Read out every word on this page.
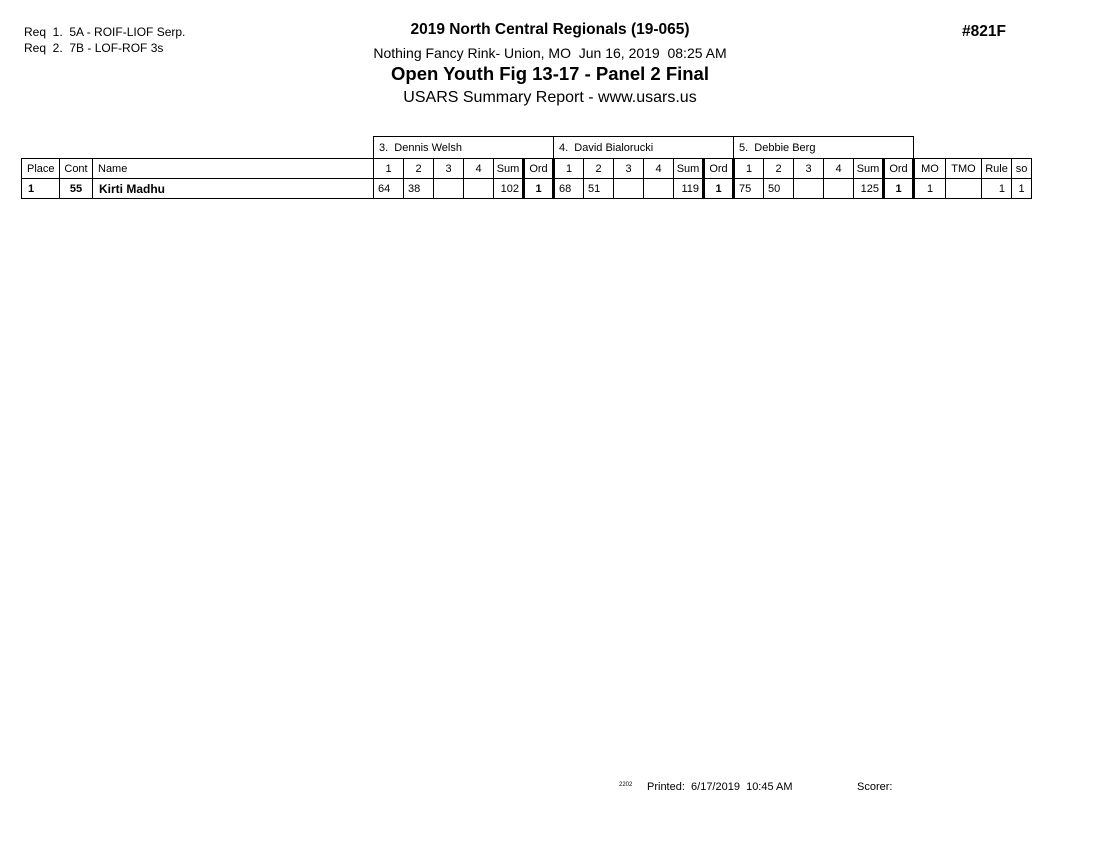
Req  1.  5A - ROIF-LIOF Serp.
Req  2.  7B - LOF-ROF 3s
2019 North Central Regionals (19-065)
Nothing Fancy Rink- Union, MO  Jun 16, 2019  08:25 AM
Open Youth Fig 13-17 - Panel 2 Final
USARS Summary Report - www.usars.us
#821F
			3.  Dennis Welsh						4.  David Bialorucki						5.  Debbie Berg									
Place	Cont	Name	1	2	3	4	Sum	Ord	1	2	3	4	Sum	Ord	1	2	3	4	Sum	Ord	MO	TMO	Rule	so
1	55	Kirti Madhu	64	38			102	1	68	51			119	1	75	50			125	1	1		1	1
2202 Printed:  6/17/2019  10:45 AM	Scorer:
